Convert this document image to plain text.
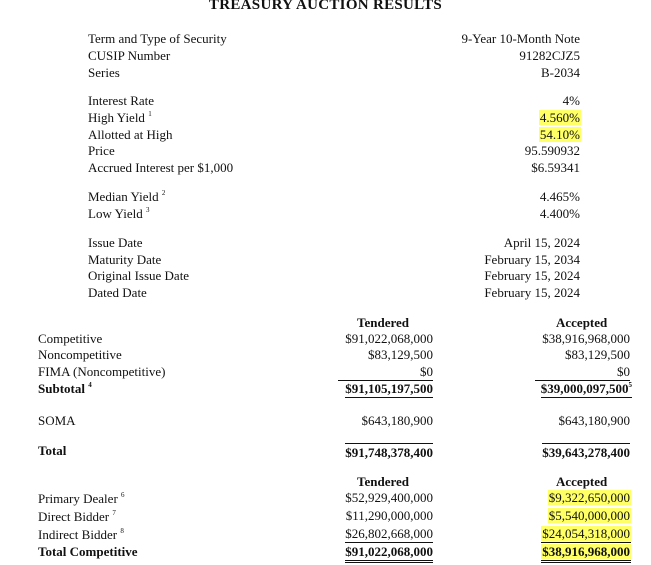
TREASURY AUCTION RESULTS
Term and Type of Security	9-Year 10-Month Note
CUSIP Number	91282CJZ5
Series	B-2034
Interest Rate	4%
High Yield $^1$	4.560%
Allotted at High	54.10%
Price	95.590932
Accrued Interest per $1,000	$6.59341
Median Yield $^2$	4.465%
Low Yield $^3$	4.400%
Issue Date	April 15, 2024
Maturity Date	February 15, 2034
Original Issue Date	February 15, 2024
Dated Date	February 15, 2024
Tendered	Accepted
Competitive	$91,022,068,000	$38,916,968,000
Noncompetitive	$83,129,500	$83,129,500
FIMA (Noncompetitive)	$0	$0
Subtotal $^4$	$91,105,197,500	$39,000,097,500$^5$
SOMA	$643,180,900	$643,180,900
Total	$91,748,378,400	$39,643,278,400
Tendered	Accepted
Primary Dealer $^6$	$52,929,400,000	$9,322,650,000
Direct Bidder $^7$	$11,290,000,000	$5,540,000,000
Indirect Bidder $^8$	$26,802,668,000	$24,054,318,000
Total Competitive	$91,022,068,000	$38,916,968,000
